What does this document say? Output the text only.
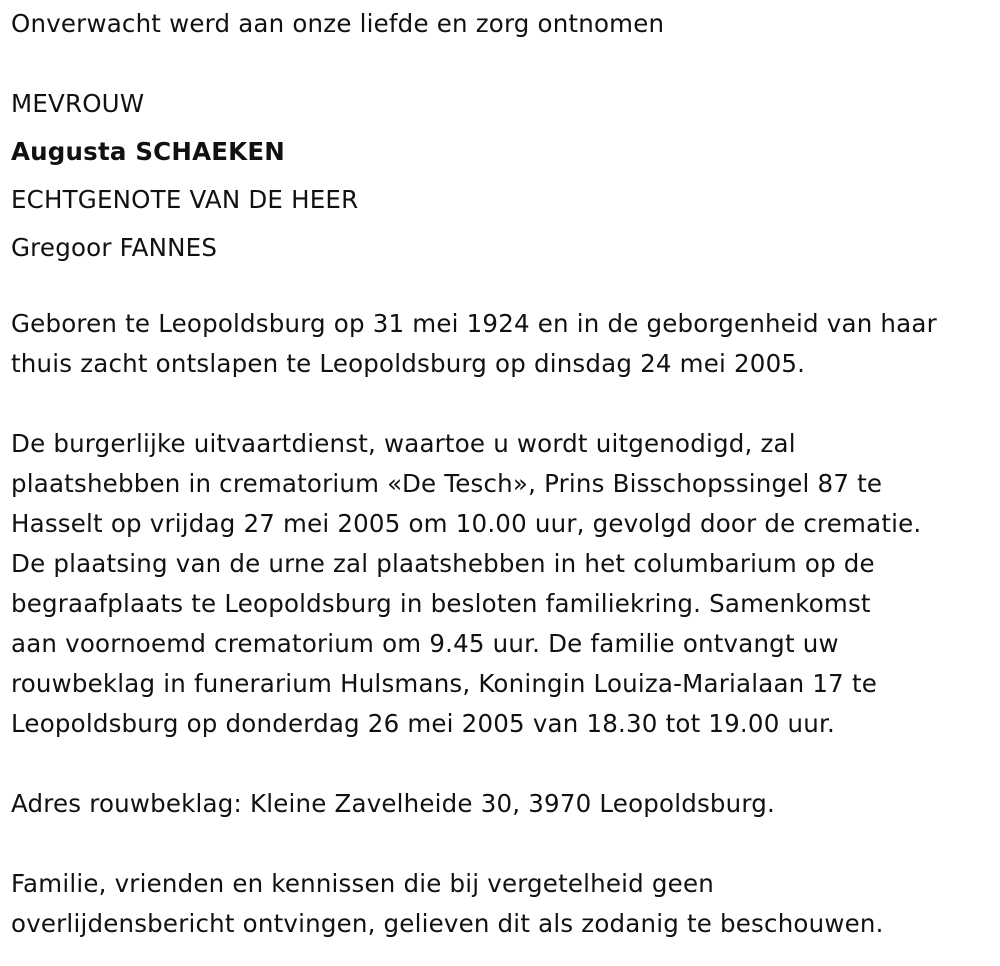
Onverwacht werd aan onze liefde en zorg ontnomen
MEVROUW
Augusta SCHAEKEN
ECHTGENOTE VAN DE HEER
Gregoor FANNES
Geboren te Leopoldsburg op 31 mei 1924 en in de geborgenheid van haar
thuis zacht ontslapen te Leopoldsburg op dinsdag 24 mei 2005.
De burgerlijke uitvaartdienst, waartoe u wordt uitgenodigd, zal
plaatshebben in crematorium «De Tesch», Prins Bisschopssingel 87 te
Hasselt op vrijdag 27 mei 2005 om 10.00 uur, gevolgd door de crematie.
De plaatsing van de urne zal plaatshebben in het columbarium op de
begraafplaats te Leopoldsburg in besloten familiekring. Samenkomst
aan voornoemd crematorium om 9.45 uur. De familie ontvangt uw
rouwbeklag in funerarium Hulsmans, Koningin Louiza-Marialaan 17 te
Leopoldsburg op donderdag 26 mei 2005 van 18.30 tot 19.00 uur.
Adres rouwbeklag: Kleine Zavelheide 30, 3970 Leopoldsburg.
Familie, vrienden en kennissen die bij vergetelheid geen
overlijdensbericht ontvingen, gelieven dit als zodanig te beschouwen.
